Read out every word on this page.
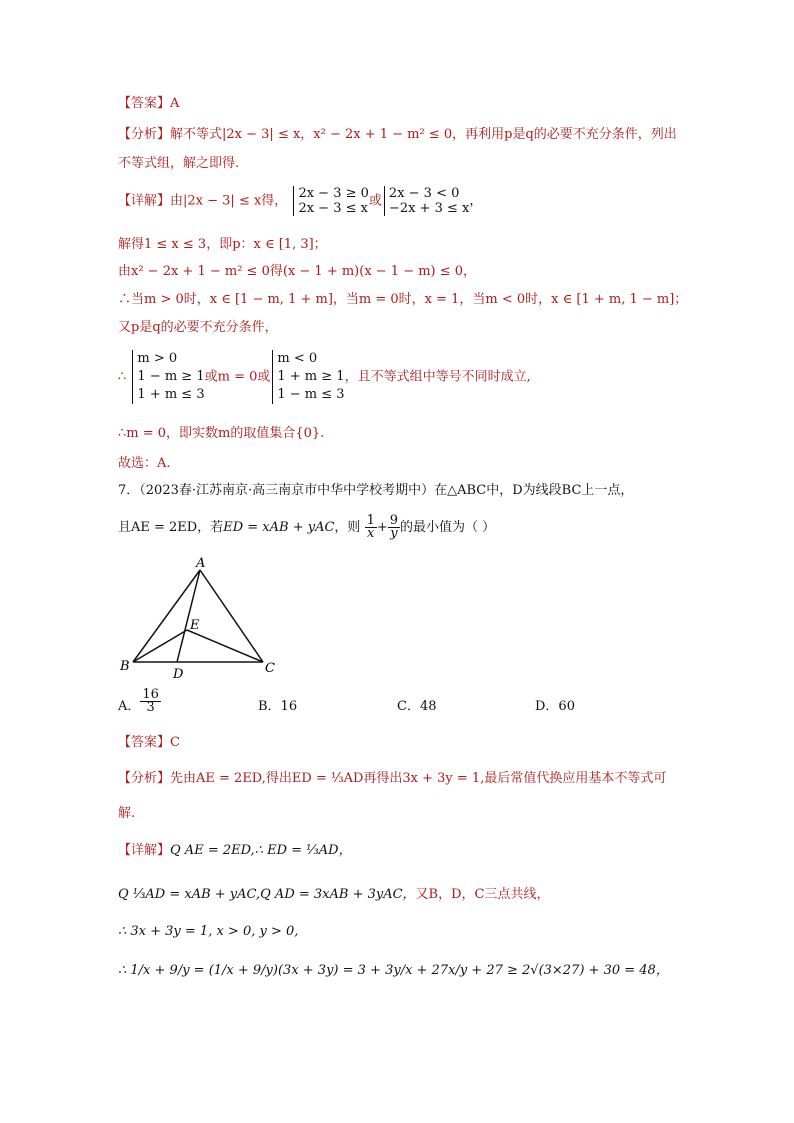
【答案】A
【分析】解不等式|2x − 3| ≤ x，x² − 2x + 1 − m² ≤ 0，再利用p是q的必要不充分条件，列出
不等式组，解之即得.
【详解】由|2x − 3| ≤ x得， 2x − 3 ≥ 0
2x − 3 ≤ x 或 2x − 3 < 0
−2x + 3 ≤ x ，
解得1 ≤ x ≤ 3，即p：x ∈ [1, 3]；
由x² − 2x + 1 − m² ≤ 0得(x − 1 + m)(x − 1 − m) ≤ 0，
∴当m > 0时，x ∈ [1 − m, 1 + m]，当m = 0时，x = 1，当m < 0时，x ∈ [1 + m, 1 − m]；
又p是q的必要不充分条件，
∴
m > 0
1 − m ≥ 1
1 + m ≤ 3
或m = 0或
m < 0
1 + m ≥ 1
1 − m ≤ 3
，且不等式组中等号不同时成立,
∴m = 0，即实数m的取值集合{0}.
故选：A.
7．（2023春·江苏南京·高三南京市中华中学校考期中）在△ABC中，D为线段BC上一点，
且AE = 2ED，若ED = xAB + yAC，则 $\frac{1}{x} + \frac{9}{y}$ 的最小值为（ ）
A
B	C
D
E
A． $\frac{16}{3}$	B．16	C．48	D．60
【答案】C
【分析】先由AE = 2ED,得出ED = ⅓AD再得出3x + 3y = 1,最后常值代换应用基本不等式可
解.
【详解】Q AE = 2ED,∴ ED = ⅓AD，
Q ⅓AD = xAB + yAC,Q AD = 3xAB + 3yAC，又B，D，C三点共线，
∴ 3x + 3y = 1, x > 0, y > 0,
∴ 1/x + 9/y = (1/x + 9/y)(3x + 3y) = 3 + 3y/x + 27x/y + 27 ≥ 2√(3×27) + 30 = 48，
